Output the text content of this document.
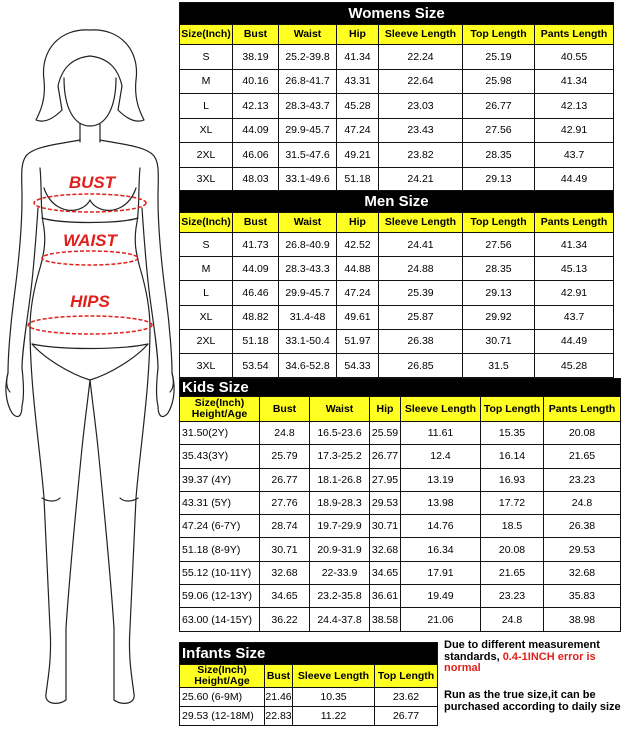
BUST
WAIST
HIPS
Womens Size						
Size(Inch)	Bust	Waist	Hip	Sleeve Length	Top Length	Pants Length
S	38.19	25.2-39.8	41.34	22.24	25.19	40.55
M	40.16	26.8-41.7	43.31	22.64	25.98	41.34
L	42.13	28.3-43.7	45.28	23.03	26.77	42.13
XL	44.09	29.9-45.7	47.24	23.43	27.56	42.91
2XL	46.06	31.5-47.6	49.21	23.82	28.35	43.7
3XL	48.03	33.1-49.6	51.18	24.21	29.13	44.49
Men Size						
Size(Inch)	Bust	Waist	Hip	Sleeve Length	Top Length	Pants Length
S	41.73	26.8-40.9	42.52	24.41	27.56	41.34
M	44.09	28.3-43.3	44.88	24.88	28.35	45.13
L	46.46	29.9-45.7	47.24	25.39	29.13	42.91
XL	48.82	31.4-48	49.61	25.87	29.92	43.7
2XL	51.18	33.1-50.4	51.97	26.38	30.71	44.49
3XL	53.54	34.6-52.8	54.33	26.85	31.5	45.28
Kids Size						
Size(Inch)
Height/Age	Bust	Waist	Hip	Sleeve Length	Top Length	Pants Length
31.50(2Y)	24.8	16.5-23.6	25.59	11.61	15.35	20.08
35.43(3Y)	25.79	17.3-25.2	26.77	12.4	16.14	21.65
39.37 (4Y)	26.77	18.1-26.8	27.95	13.19	16.93	23.23
43.31 (5Y)	27.76	18.9-28.3	29.53	13.98	17.72	24.8
47.24 (6-7Y)	28.74	19.7-29.9	30.71	14.76	18.5	26.38
51.18 (8-9Y)	30.71	20.9-31.9	32.68	16.34	20.08	29.53
55.12 (10-11Y)	32.68	22-33.9	34.65	17.91	21.65	32.68
59.06 (12-13Y)	34.65	23.2-35.8	36.61	19.49	23.23	35.83
63.00 (14-15Y)	36.22	24.4-37.8	38.58	21.06	24.8	38.98
Infants Size			
Size(Inch)
Height/Age	Bust	Sleeve Length	Top Length
25.60 (6-9M)	21.46	10.35	23.62
29.53 (12-18M)	22.83	11.22	26.77
Due to different measurement standards, 0.4-1INCH error is normal
Run as the true size,it can be purchased according to daily size
